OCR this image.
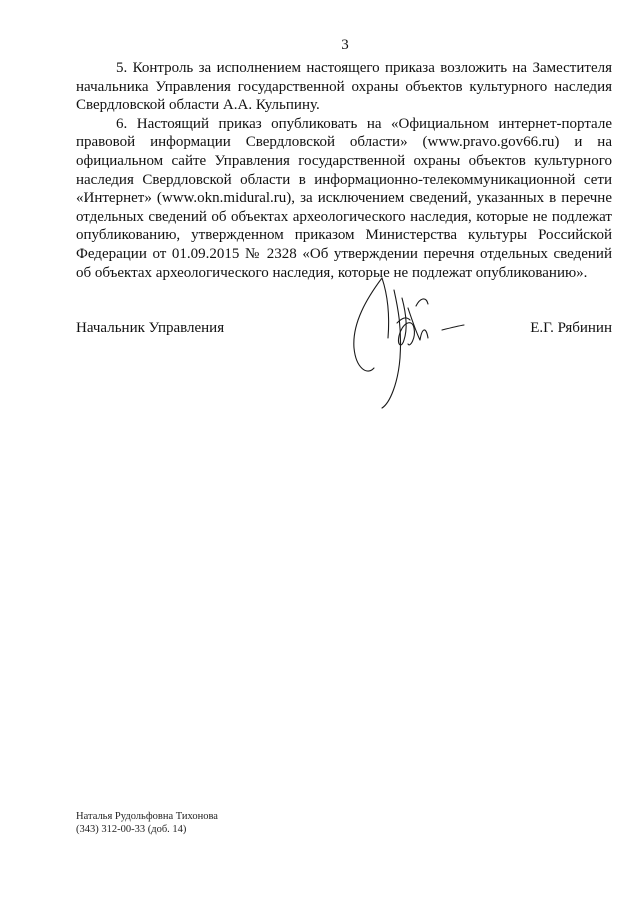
3

5. Контроль за исполнением настоящего приказа возложить на Заместителя начальника Управления государственной охраны объектов культурного наследия Свердловской области А.А. Кульпину.

6. Настоящий приказ опубликовать на «Официальном интернет-портале правовой информации Свердловской области» (www.pravo.gov66.ru) и на официальном сайте Управления государственной охраны объектов культурного наследия Свердловской области в информационно-телекоммуникационной сети «Интернет» (www.okn.midural.ru), за исключением сведений, указанных в перечне отдельных сведений об объектах археологического наследия, которые не подлежат опубликованию, утвержденном приказом Министерства культуры Российской Федерации от 01.09.2015 № 2328 «Об утверждении перечня отдельных сведений об объектах археологического наследия, которые не подлежат опубликованию».

Начальник Управления	Е.Г. Рябинин
Наталья Рудольфовна Тихонова
(343) 312-00-33 (доб. 14)
